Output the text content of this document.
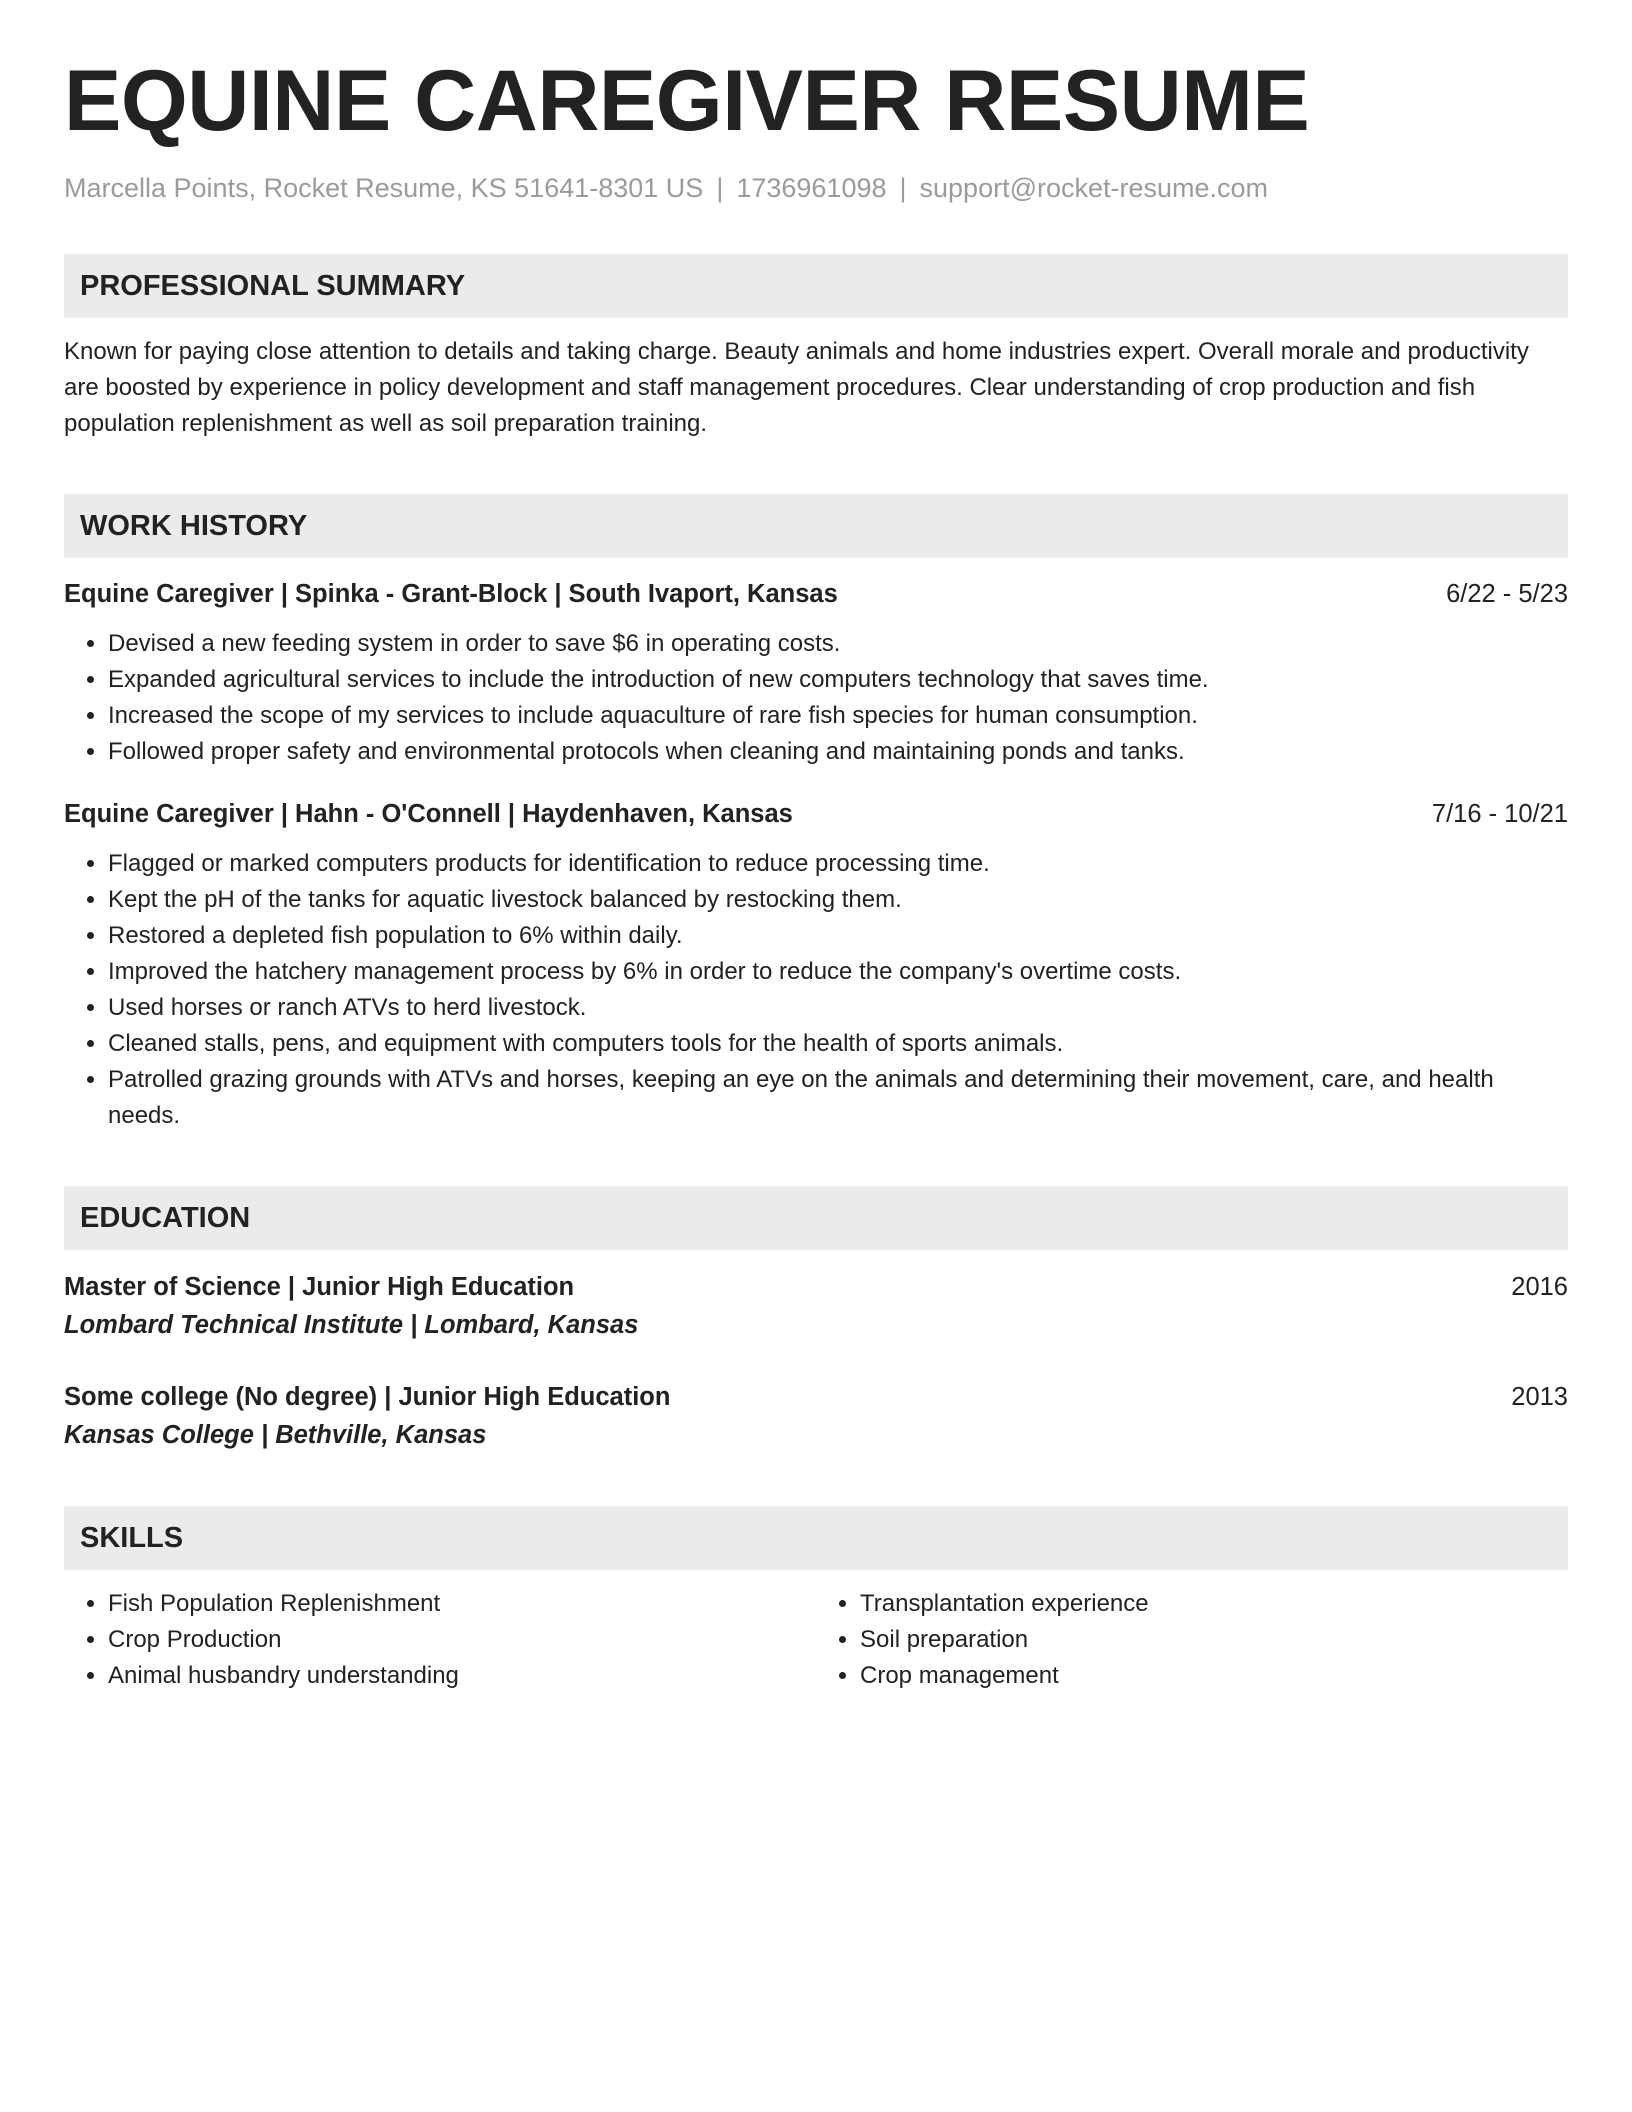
EQUINE CAREGIVER RESUME
Marcella Points, Rocket Resume, KS 51641-8301 US | 1736961098 | support@rocket-resume.com
PROFESSIONAL SUMMARY
Known for paying close attention to details and taking charge. Beauty animals and home industries expert. Overall morale and productivity are boosted by experience in policy development and staff management procedures. Clear understanding of crop production and fish population replenishment as well as soil preparation training.
WORK HISTORY
Equine Caregiver | Spinka - Grant-Block | South Ivaport, Kansas	6/22 - 5/23
• Devised a new feeding system in order to save $6 in operating costs.
• Expanded agricultural services to include the introduction of new computers technology that saves time.
• Increased the scope of my services to include aquaculture of rare fish species for human consumption.
• Followed proper safety and environmental protocols when cleaning and maintaining ponds and tanks.
Equine Caregiver | Hahn - O'Connell | Haydenhaven, Kansas	7/16 - 10/21
• Flagged or marked computers products for identification to reduce processing time.
• Kept the pH of the tanks for aquatic livestock balanced by restocking them.
• Restored a depleted fish population to 6% within daily.
• Improved the hatchery management process by 6% in order to reduce the company's overtime costs.
• Used horses or ranch ATVs to herd livestock.
• Cleaned stalls, pens, and equipment with computers tools for the health of sports animals.
• Patrolled grazing grounds with ATVs and horses, keeping an eye on the animals and determining their movement, care, and health needs.
EDUCATION
Master of Science | Junior High Education	2016
Lombard Technical Institute | Lombard, Kansas
Some college (No degree) | Junior High Education	2013
Kansas College | Bethville, Kansas
SKILLS
• Fish Population Replenishment
• Crop Production
• Animal husbandry understanding
• Transplantation experience
• Soil preparation
• Crop management
